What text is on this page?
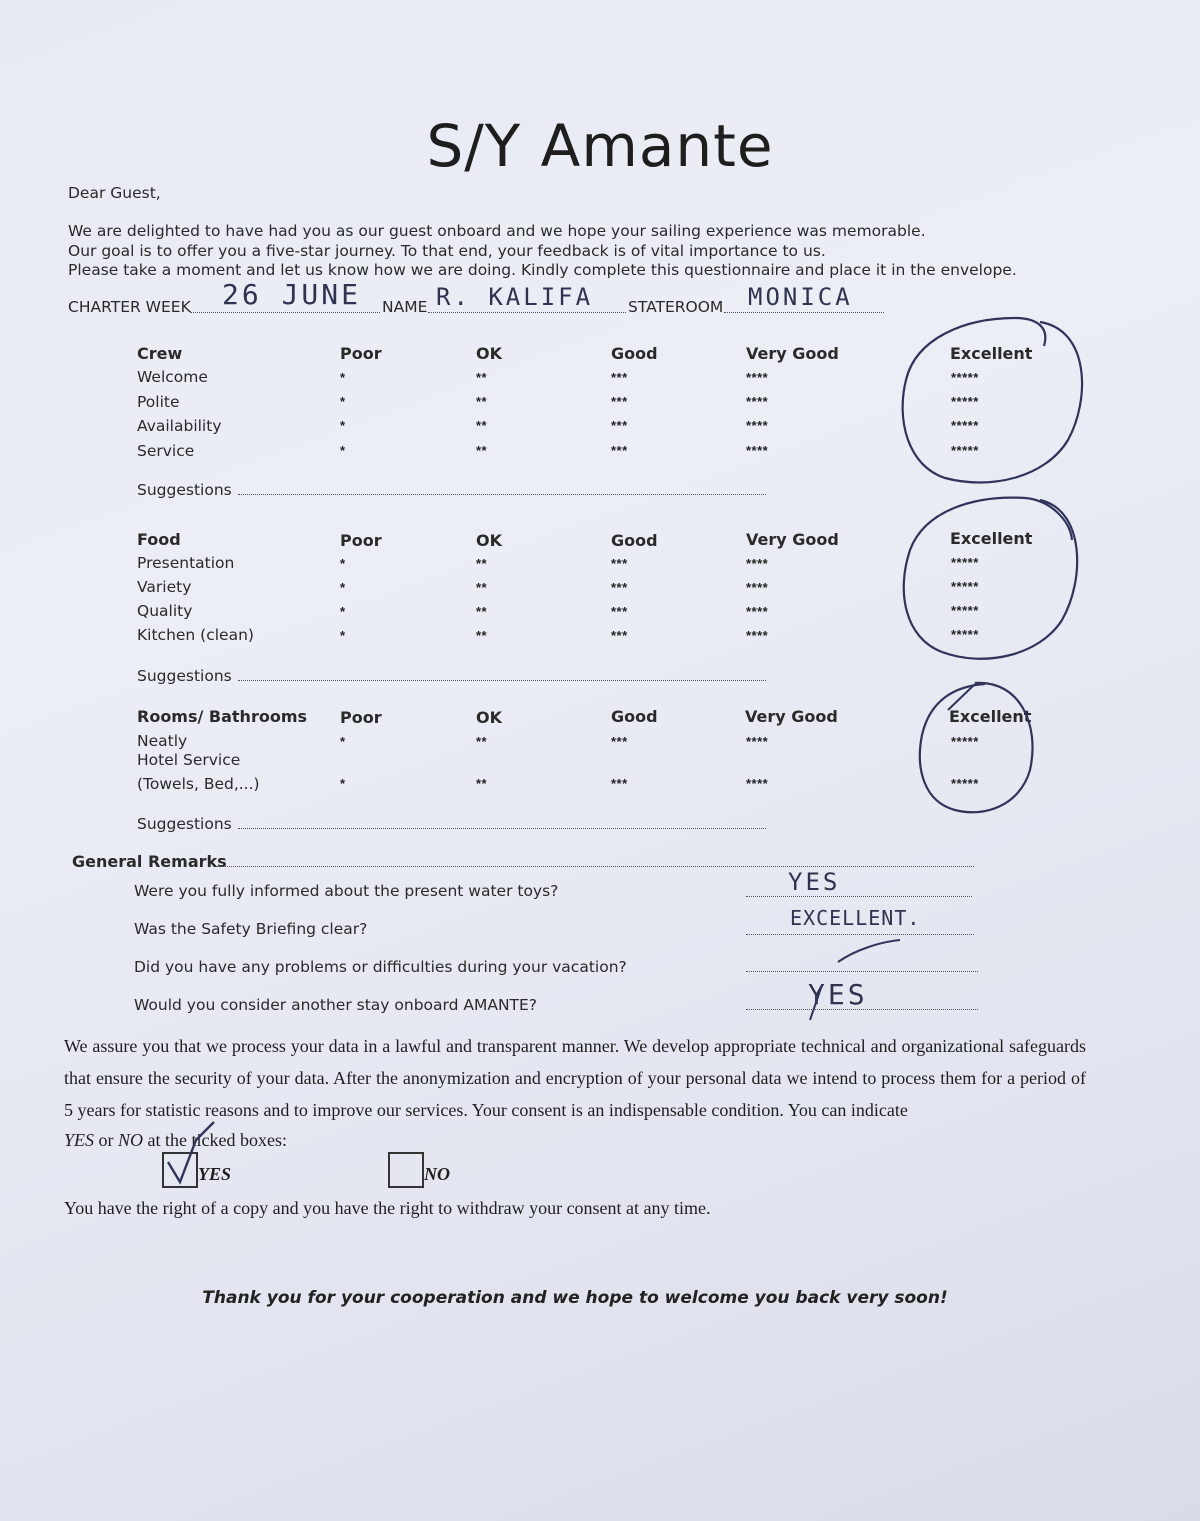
S/Y Amante
Dear Guest,
We are delighted to have had you as our guest onboard and we hope your sailing experience was memorable.
Our goal is to offer you a five-star journey. To that end, your feedback is of vital importance to us.
Please take a moment and let us know how we are doing. Kindly complete this questionnaire and place it in the envelope.
CHARTER WEEK 26 JUNE NAME R. KALIFA STATEROOM MONICA
Crew	Poor	OK	Good	Very Good	Excellent
Welcome	*	**	***	****	*****
Polite	*	**	***	****	*****
Availability	*	**	***	****	*****
Service	*	**	***	****	*****
Suggestions
Food	Poor	OK	Good	Very Good	Excellent
Presentation	*	**	***	****	*****
Variety	*	**	***	****	*****
Quality	*	**	***	****	*****
Kitchen (clean)	*	**	***	****	*****
Suggestions
Rooms/ Bathrooms Poor	OK	Good	Very Good	Excellent
Neatly	*	**	***	****	*****
Hotel Service
(Towels, Bed,...)	*	**	***	****	*****
Suggestions
General Remarks
Were you fully informed about the present water toys?	YES
Was the Safety Briefing clear?	EXCELLENT.
Did you have any problems or difficulties during your vacation?
Would you consider another stay onboard AMANTE?	YES
We assure you that we process your data in a lawful and transparent manner. We develop appropriate technical and organizational safeguards that ensure the security of your data. After the anonymization and encryption of your personal data we intend to process them for a period of 5 years for statistic reasons and to improve our services. Your consent is an indispensable condition. You can indicate
YES or NO at the ticked boxes:
YES	NO
You have the right of a copy and you have the right to withdraw your consent at any time.
Thank you for your cooperation and we hope to welcome you back very soon!
